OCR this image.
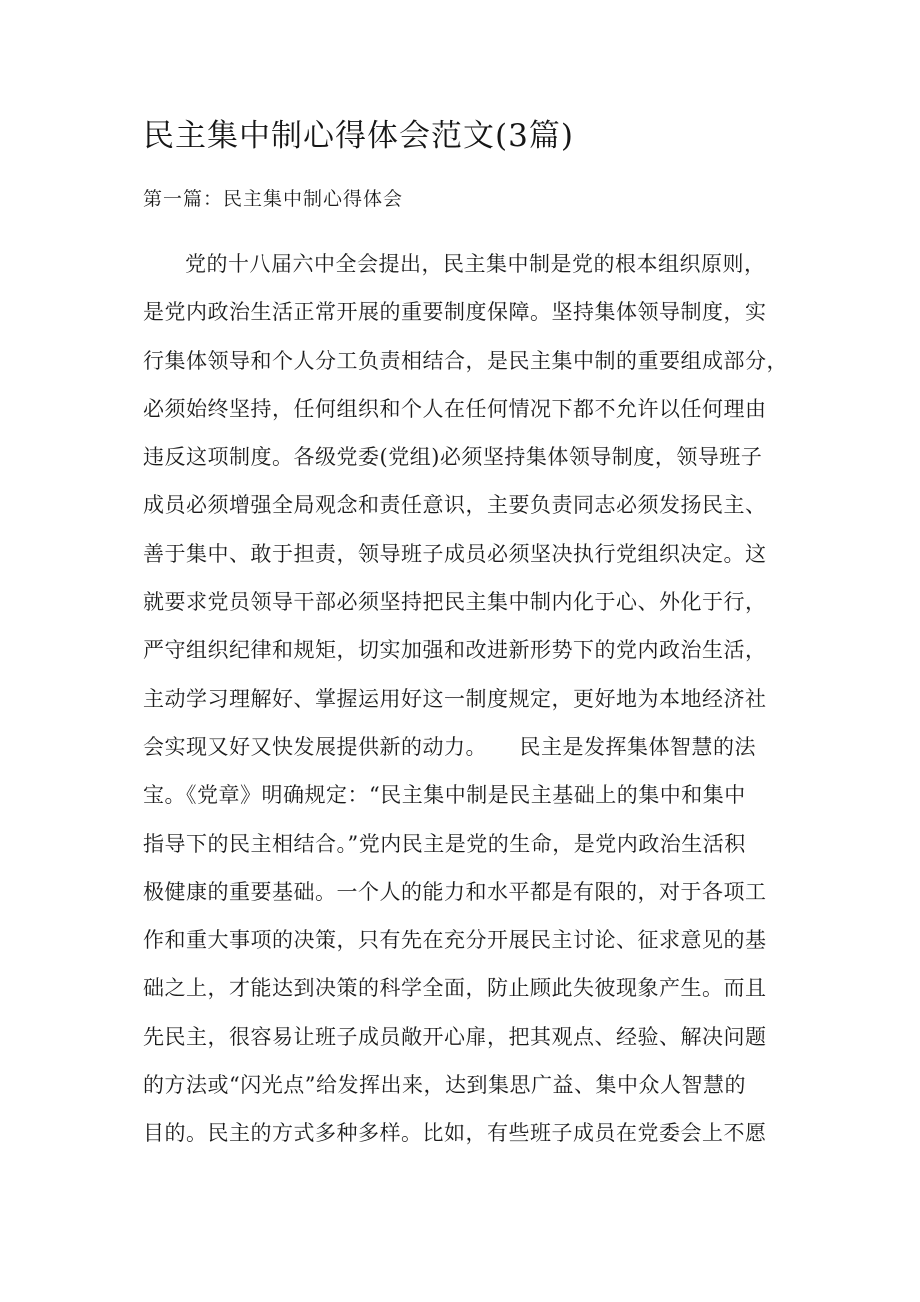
民主集中制心得体会范文(3篇)
第一篇：民主集中制心得体会
党的十八届六中全会提出，民主集中制是党的根本组织原则，
是党内政治生活正常开展的重要制度保障。坚持集体领导制度，实
行集体领导和个人分工负责相结合，是民主集中制的重要组成部分，
必须始终坚持，任何组织和个人在任何情况下都不允许以任何理由
违反这项制度。各级党委(党组)必须坚持集体领导制度，领导班子
成员必须增强全局观念和责任意识，主要负责同志必须发扬民主、
善于集中、敢于担责，领导班子成员必须坚决执行党组织决定。这
就要求党员领导干部必须坚持把民主集中制内化于心、外化于行，
严守组织纪律和规矩，切实加强和改进新形势下的党内政治生活，
主动学习理解好、掌握运用好这一制度规定，更好地为本地经济社
会实现又好又快发展提供新的动力。　　民主是发挥集体智慧的法
宝。《党章》明确规定：“民主集中制是民主基础上的集中和集中
指导下的民主相结合。”党内民主是党的生命，是党内政治生活积
极健康的重要基础。一个人的能力和水平都是有限的，对于各项工
作和重大事项的决策，只有先在充分开展民主讨论、征求意见的基
础之上，才能达到决策的科学全面，防止顾此失彼现象产生。而且
先民主，很容易让班子成员敞开心扉，把其观点、经验、解决问题
的方法或“闪光点”给发挥出来，达到集思广益、集中众人智慧的
目的。民主的方式多种多样。比如，有些班子成员在党委会上不愿
